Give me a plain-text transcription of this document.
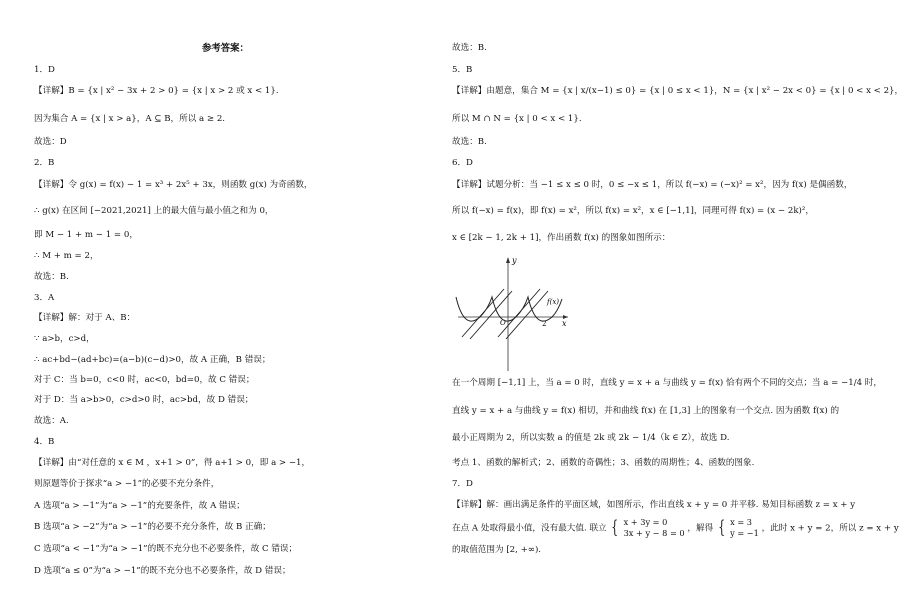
参考答案：
1．D
【详解】B = {x | x² − 3x + 2 > 0} = {x | x > 2 或 x < 1}.
因为集合 A = {x | x > a}，A ⊆ B，所以 a ≥ 2.
故选：D
2．B
【详解】令 g(x) = f(x) − 1 = x³ + 2x⁵ + 3x，则函数 g(x) 为奇函数，
∴ g(x) 在区间 [−2021,2021] 上的最大值与最小值之和为 0，
即 M − 1 + m − 1 = 0，
∴ M + m = 2，
故选：B.
3．A
【详解】解：对于 A、B：
∵ a>b，c>d，
∴ ac+bd−(ad+bc)=(a−b)(c−d)>0，故 A 正确，B 错误；
对于 C：当 b=0，c<0 时，ac<0，bd=0，故 C 错误；
对于 D：当 a>b>0，c>d>0 时，ac>bd，故 D 错误；
故选：A.
4．B
【详解】由“对任意的 x ∈ M ，x+1 > 0”，得 a+1 > 0，即 a > −1，
则原题等价于探求“a > −1”的必要不充分条件，
A 选项“a > −1”为“a > −1”的充要条件，故 A 错误；
B 选项“a > −2”为“a > −1”的必要不充分条件，故 B 正确；
C 选项“a < −1”为“a > −1”的既不充分也不必要条件，故 C 错误；
D 选项“a ≤ 0”为“a > −1”的既不充分也不必要条件，故 D 错误；
故选：B.
5．B
【详解】由题意，集合 M = {x | x/(x−1) ≤ 0} = {x | 0 ≤ x < 1}，N = {x | x² − 2x < 0} = {x | 0 < x < 2}，
所以 M ∩ N = {x | 0 < x < 1}.
故选：B.
6．D
【详解】试题分析：当 −1 ≤ x ≤ 0 时，0 ≤ −x ≤ 1，所以 f(−x) = (−x)² = x²，因为 f(x) 是偶函数，
所以 f(−x) = f(x)，即 f(x) = x²，所以 f(x) = x²，x ∈ [−1,1]，同理可得 f(x) = (x − 2k)²，
x ∈ [2k − 1, 2k + 1]，作出函数 f(x) 的图象如图所示：
y
x
2
O
f(x)
在一个周期 [−1,1] 上，当 a = 0 时，直线 y = x + a 与曲线 y = f(x) 恰有两个不同的交点；当 a = −1/4 时，
直线 y = x + a 与曲线 y = f(x) 相切，并和曲线 f(x) 在 [1,3] 上的图象有一个交点. 因为函数 f(x) 的
最小正周期为 2，所以实数 a 的值是 2k 或 2k − 1/4（k ∈ Z），故选 D.
考点 1、函数的解析式；2、函数的奇偶性；3、函数的周期性；4、函数的图象.
7．D
【详解】解：画出满足条件的平面区域，如图所示，作出直线 x + y = 0 并平移. 易知目标函数 z = x + y
在点 A 处取得最小值，没有最大值. 联立 { x + 3y = 0
3x + y − 8 = 0 ，解得 { x = 3
y = −1 ，此时 x + y = 2，所以 z = x + y
的取值范围为 [2, +∞).
